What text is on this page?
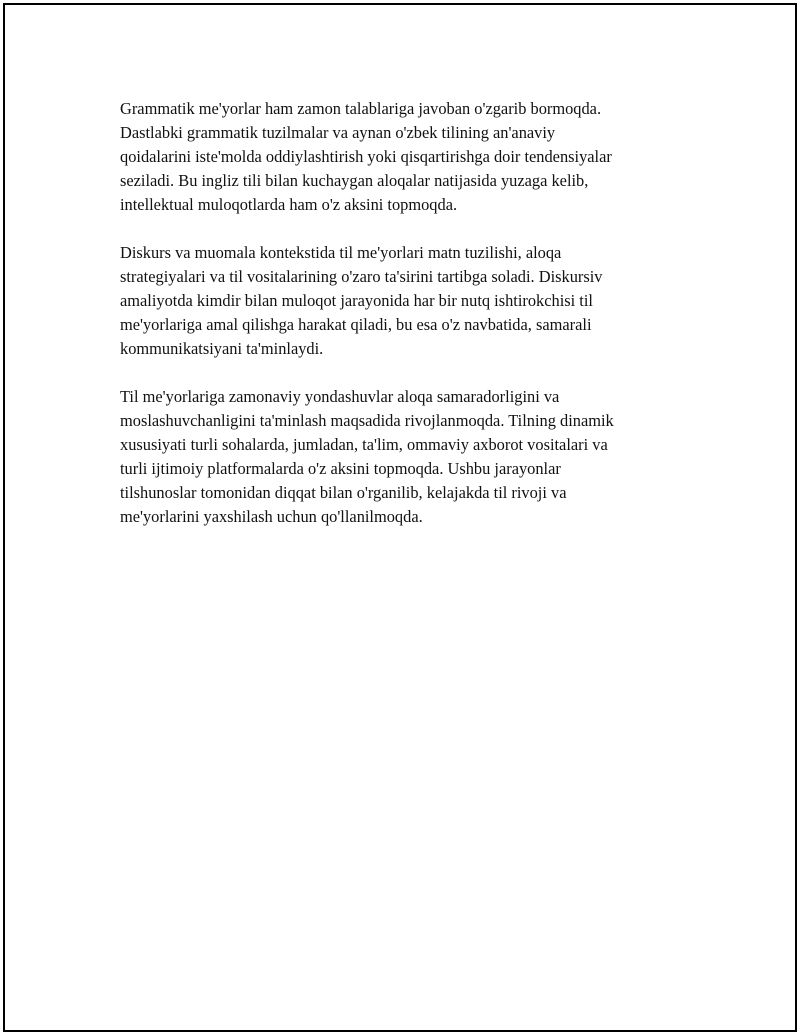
Grammatik me'yorlar ham zamon talablariga javoban o'zgarib bormoqda.
Dastlabki grammatik tuzilmalar va aynan o'zbek tilining an'anaviy
qoidalarini iste'molda oddiylashtirish yoki qisqartirishga doir tendensiyalar
seziladi. Bu ingliz tili bilan kuchaygan aloqalar natijasida yuzaga kelib,
intellektual muloqotlarda ham o'z aksini topmoqda.

Diskurs va muomala kontekstida til me'yorlari matn tuzilishi, aloqa
strategiyalari va til vositalarining o'zaro ta'sirini tartibga soladi. Diskursiv
amaliyotda kimdir bilan muloqot jarayonida har bir nutq ishtirokchisi til
me'yorlariga amal qilishga harakat qiladi, bu esa o'z navbatida, samarali
kommunikatsiyani ta'minlaydi.

Til me'yorlariga zamonaviy yondashuvlar aloqa samaradorligini va
moslashuvchanligini ta'minlash maqsadida rivojlanmoqda. Tilning dinamik
xususiyati turli sohalarda, jumladan, ta'lim, ommaviy axborot vositalari va
turli ijtimoiy platformalarda o'z aksini topmoqda. Ushbu jarayonlar
tilshunoslar tomonidan diqqat bilan o'rganilib, kelajakda til rivoji va
me'yorlarini yaxshilash uchun qo'llanilmoqda.
